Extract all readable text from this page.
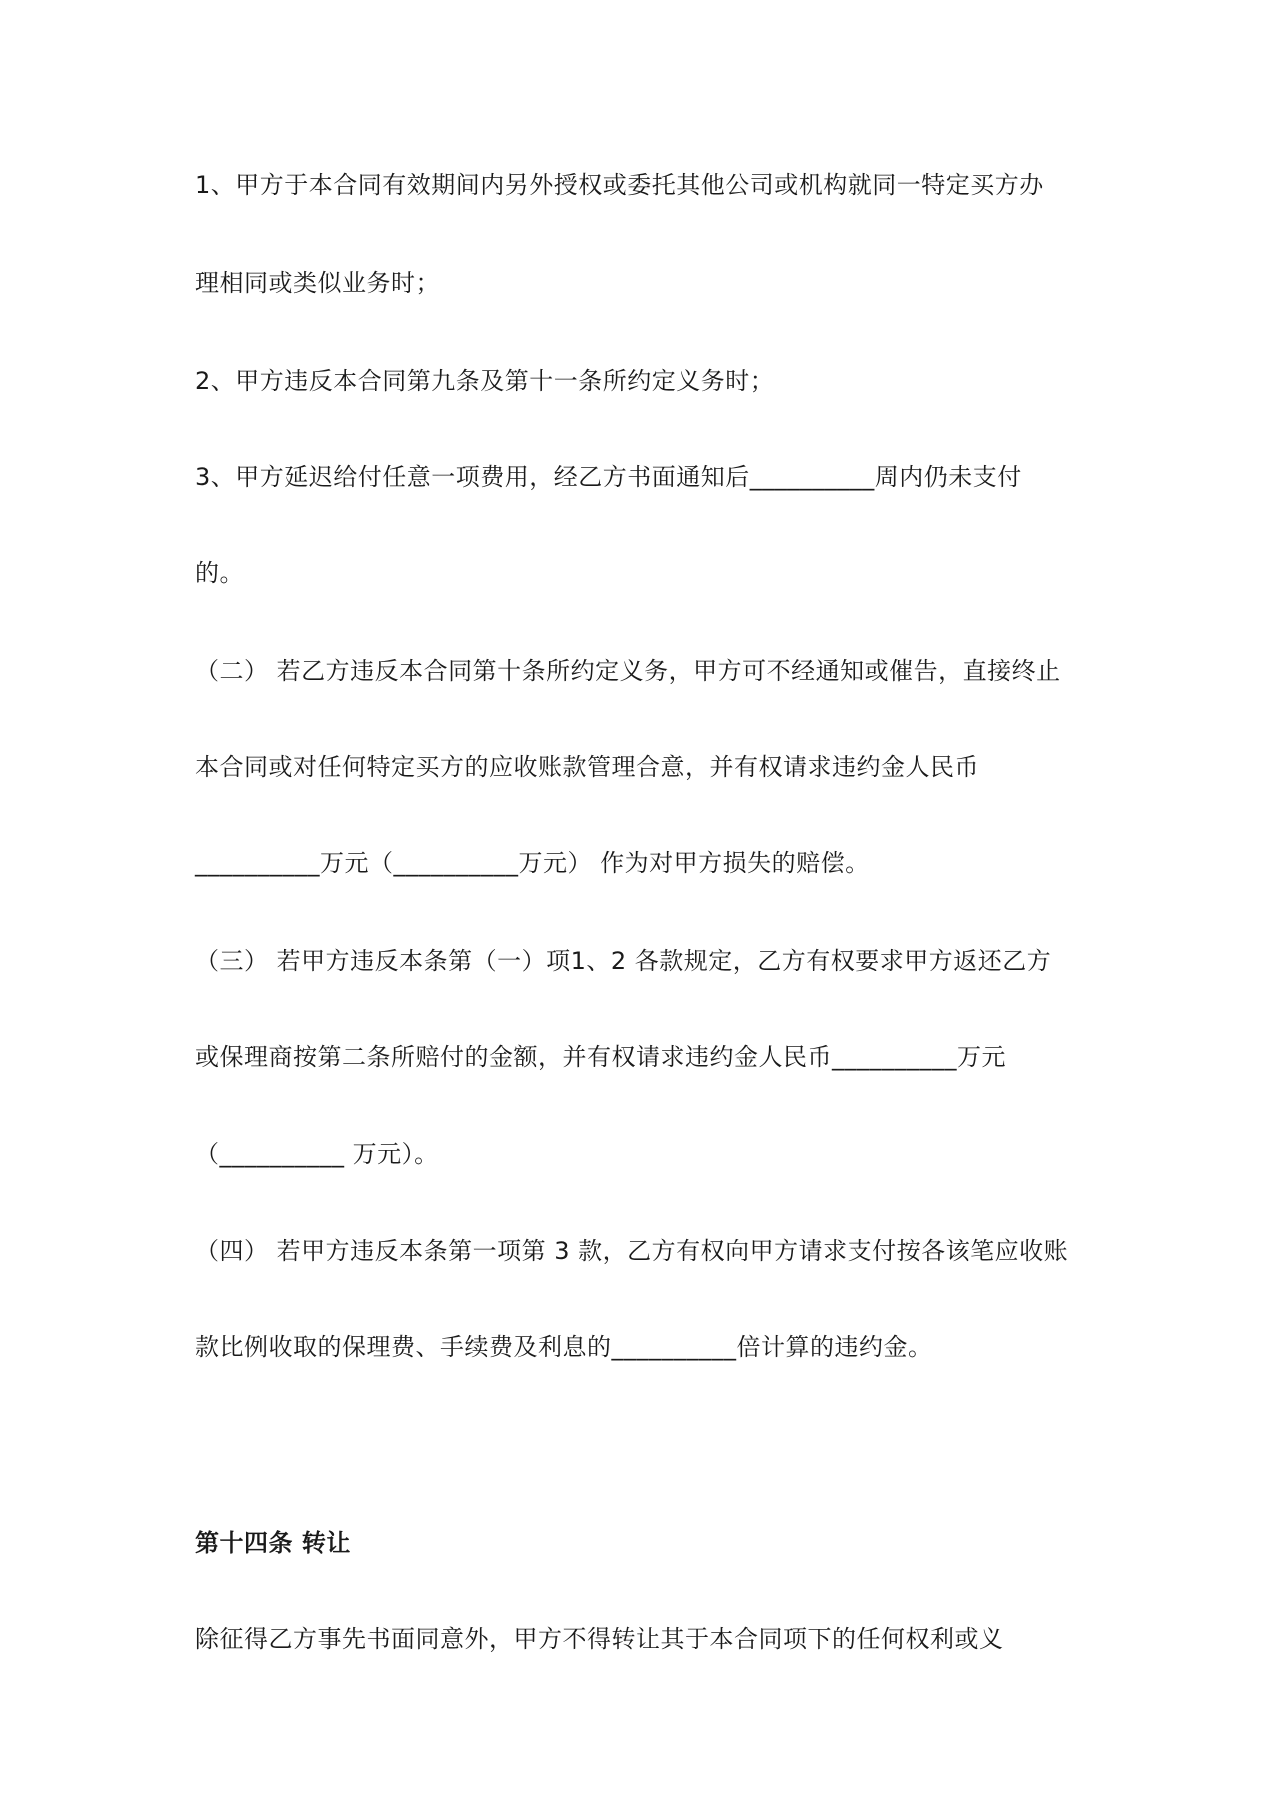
1、甲方于本合同有效期间内另外授权或委托其他公司或机构就同一特定买方办
理相同或类似业务时；
2、甲方违反本合同第九条及第十一条所约定义务时；
3、甲方延迟给付任意一项费用，经乙方书面通知后__________周内仍未支付
的。
（二） 若乙方违反本合同第十条所约定义务，甲方可不经通知或催告，直接终止
本合同或对任何特定买方的应收账款管理合意，并有权请求违约金人民币
__________万元（__________万元） 作为对甲方损失的赔偿。
（三） 若甲方违反本条第（一）项1、2 各款规定，乙方有权要求甲方返还乙方
或保理商按第二条所赔付的金额，并有权请求违约金人民币__________万元
（__________ 万元）。
（四） 若甲方违反本条第一项第 3 款，乙方有权向甲方请求支付按各该笔应收账
款比例收取的保理费、手续费及利息的__________倍计算的违约金。
第十四条 转让
除征得乙方事先书面同意外，甲方不得转让其于本合同项下的任何权利或义
